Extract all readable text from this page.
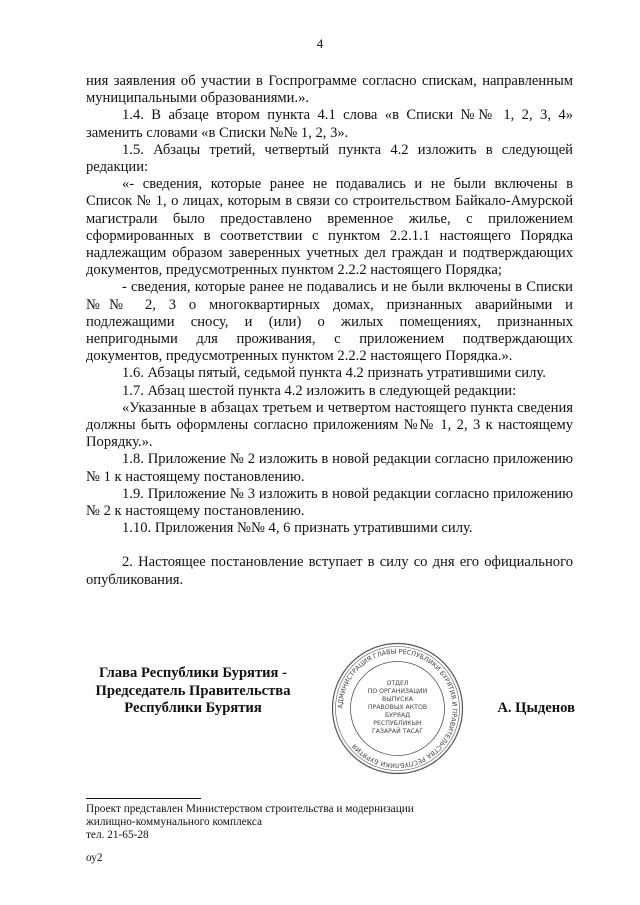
4

ния заявления об участии в Госпрограмме согласно спискам, направленным муниципальными образованиями.».

1.4. В абзаце втором пункта 4.1 слова «в Списки №№ 1, 2, 3, 4» заменить словами «в Списки №№ 1, 2, 3».

1.5. Абзацы третий, четвертый пункта 4.2 изложить в следующей редакции:

«- сведения, которые ранее не подавались и не были включены в Список № 1, о лицах, которым в связи со строительством Байкало-Амурской магистрали было предоставлено временное жилье, с приложением сформированных в соответствии с пунктом 2.2.1.1 настоящего Порядка надлежащим образом заверенных учетных дел граждан и подтверждающих документов, предусмотренных пунктом 2.2.2 настоящего Порядка;

- сведения, которые ранее не подавались и не были включены в Списки №№ 2, 3 о многоквартирных домах, признанных аварийными и подлежащими сносу, и (или) о жилых помещениях, признанных непригодными для проживания, с приложением подтверждающих документов, предусмотренных пунктом 2.2.2 настоящего Порядка.».

1.6. Абзацы пятый, седьмой пункта 4.2 признать утратившими силу.

1.7. Абзац шестой пункта 4.2 изложить в следующей редакции:

«Указанные в абзацах третьем и четвертом настоящего пункта сведения должны быть оформлены согласно приложениям №№ 1, 2, 3 к настоящему Порядку.».

1.8. Приложение № 2 изложить в новой редакции согласно приложению № 1 к настоящему постановлению.

1.9. Приложение № 3 изложить в новой редакции согласно приложению № 2 к настоящему постановлению.

1.10. Приложения №№ 4, 6 признать утратившими силу.

2. Настоящее постановление вступает в силу со дня его официального опубликования.

Глава Республики Бурятия -
Председатель Правительства
Республики Бурятия	АДМИНИСТРАЦИЯ ГЛАВЫ РЕСПУБЛИКИ БУРЯТИЯ И ПРАВИТЕЛЬСТВА РЕСПУБЛИКИ БУРЯТИЯ
ОТДЕЛ
ПО ОРГАНИЗАЦИИ
ВЫПУСКА
ПРАВОВЫХ АКТОВ
БУРЯАД
РЕСПУБЛИКЫН
ГАЗАРАЙ ТАСАГ
А. Цыденов

Проект представлен Министерством строительства и модернизации

жилищно-коммунального комплекса

тел. 21-65-28

оу2
